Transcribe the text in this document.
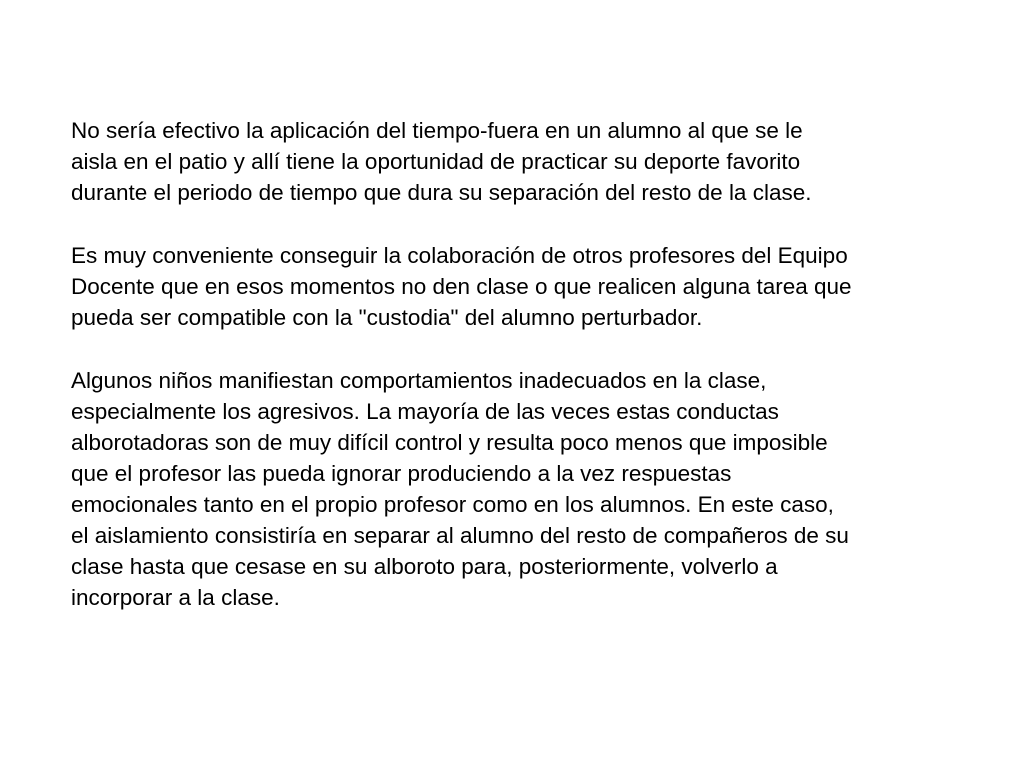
No sería efectivo la aplicación del tiempo-fuera en un alumno al que se le
aisla en el patio y allí tiene la oportunidad de practicar su deporte favorito
durante el periodo de tiempo que dura su separación del resto de la clase.

Es muy conveniente conseguir la colaboración de otros profesores del Equipo
Docente que en esos momentos no den clase o que realicen alguna tarea que
pueda ser compatible con la "custodia" del alumno perturbador.

Algunos niños manifiestan comportamientos inadecuados en la clase,
especialmente los agresivos. La mayoría de las veces estas conductas
alborotadoras son de muy difícil control y resulta poco menos que imposible
que el profesor las pueda ignorar produciendo a la vez respuestas
emocionales tanto en el propio profesor como en los alumnos. En este caso,
el aislamiento consistiría en separar al alumno del resto de compañeros de su
clase hasta que cesase en su alboroto para, posteriormente, volverlo a
incorporar a la clase.
